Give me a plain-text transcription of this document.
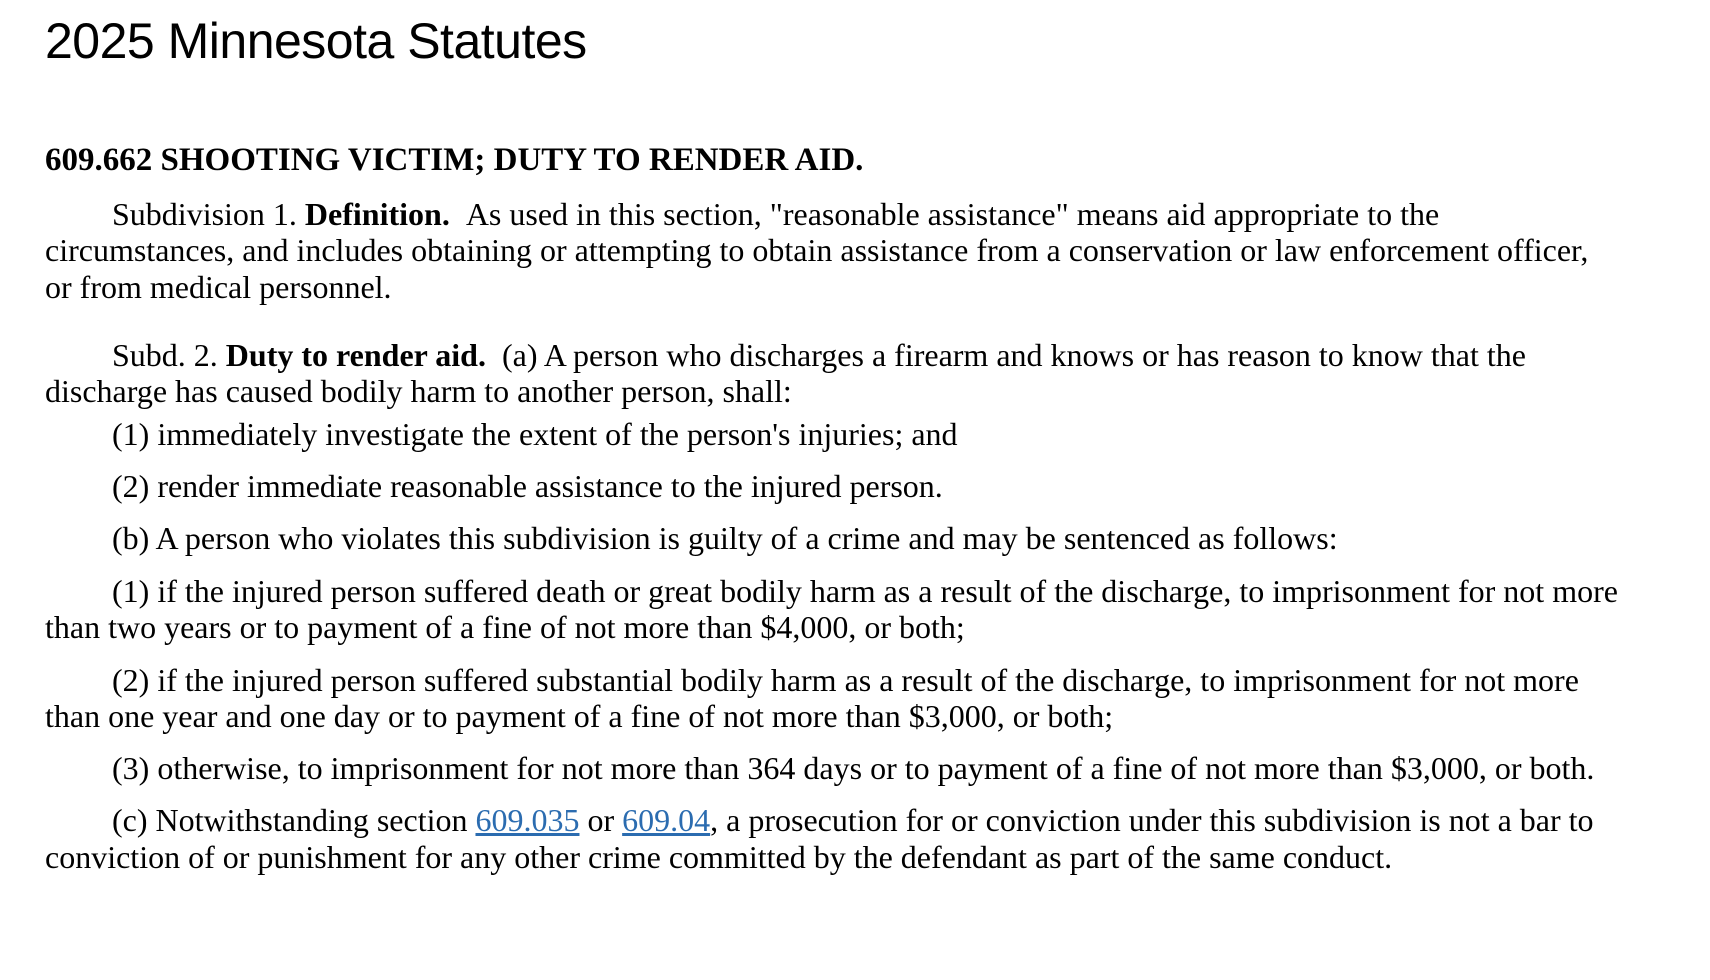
2025 Minnesota Statutes
609.662 SHOOTING VICTIM; DUTY TO RENDER AID.

Subdivision 1. Definition. As used in this section, "reasonable assistance" means aid appropriate to the

circumstances, and includes obtaining or attempting to obtain assistance from a conservation or law enforcement officer,

or from medical personnel.

Subd. 2. Duty to render aid. (a) A person who discharges a firearm and knows or has reason to know that the

discharge has caused bodily harm to another person, shall:

(1) immediately investigate the extent of the person's injuries; and

(2) render immediate reasonable assistance to the injured person.

(b) A person who violates this subdivision is guilty of a crime and may be sentenced as follows:

(1) if the injured person suffered death or great bodily harm as a result of the discharge, to imprisonment for not more

than two years or to payment of a fine of not more than $4,000, or both;

(2) if the injured person suffered substantial bodily harm as a result of the discharge, to imprisonment for not more

than one year and one day or to payment of a fine of not more than $3,000, or both;

(3) otherwise, to imprisonment for not more than 364 days or to payment of a fine of not more than $3,000, or both.

(c) Notwithstanding section 609.035 or 609.04, a prosecution for or conviction under this subdivision is not a bar to

conviction of or punishment for any other crime committed by the defendant as part of the same conduct.
